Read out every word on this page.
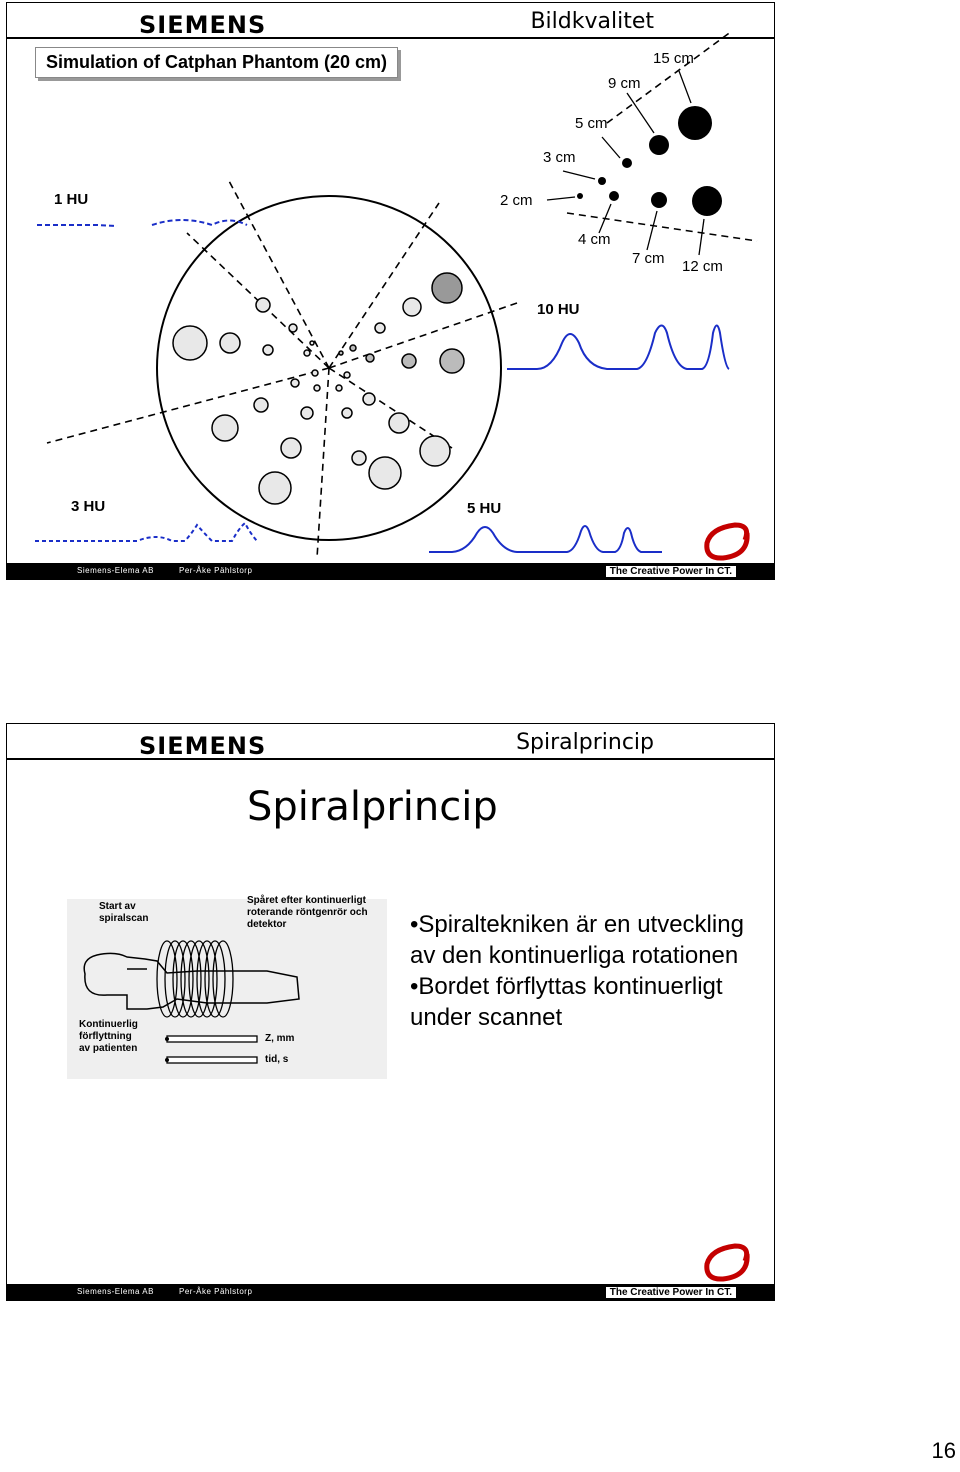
SIEMENS	Bildkvalitet
Simulation of Catphan Phantom (20 cm)
1 HU
10 HU
3 HU	5 HU
15 cm
9 cm
5 cm
3 cm
2 cm
4 cm
7 cm 12 cm
Siemens-Elema AB	Per-Åke Pählstorp	The Creative Power In CT.
SIEMENS	Spiralprincip
Spiralprincip
Start av
spiralscan
Spåret efter kontinuerligt
roterande röntgenrör och
detektor
Kontinuerlig
förflyttning
av patienten
Z, mm
tid, s
•Spiraltekniken är en utveckling
av den kontinuerliga rotationen
•Bordet förflyttas kontinuerligt
under scannet
Siemens-Elema AB	Per-Åke Pählstorp	The Creative Power In CT.
16
